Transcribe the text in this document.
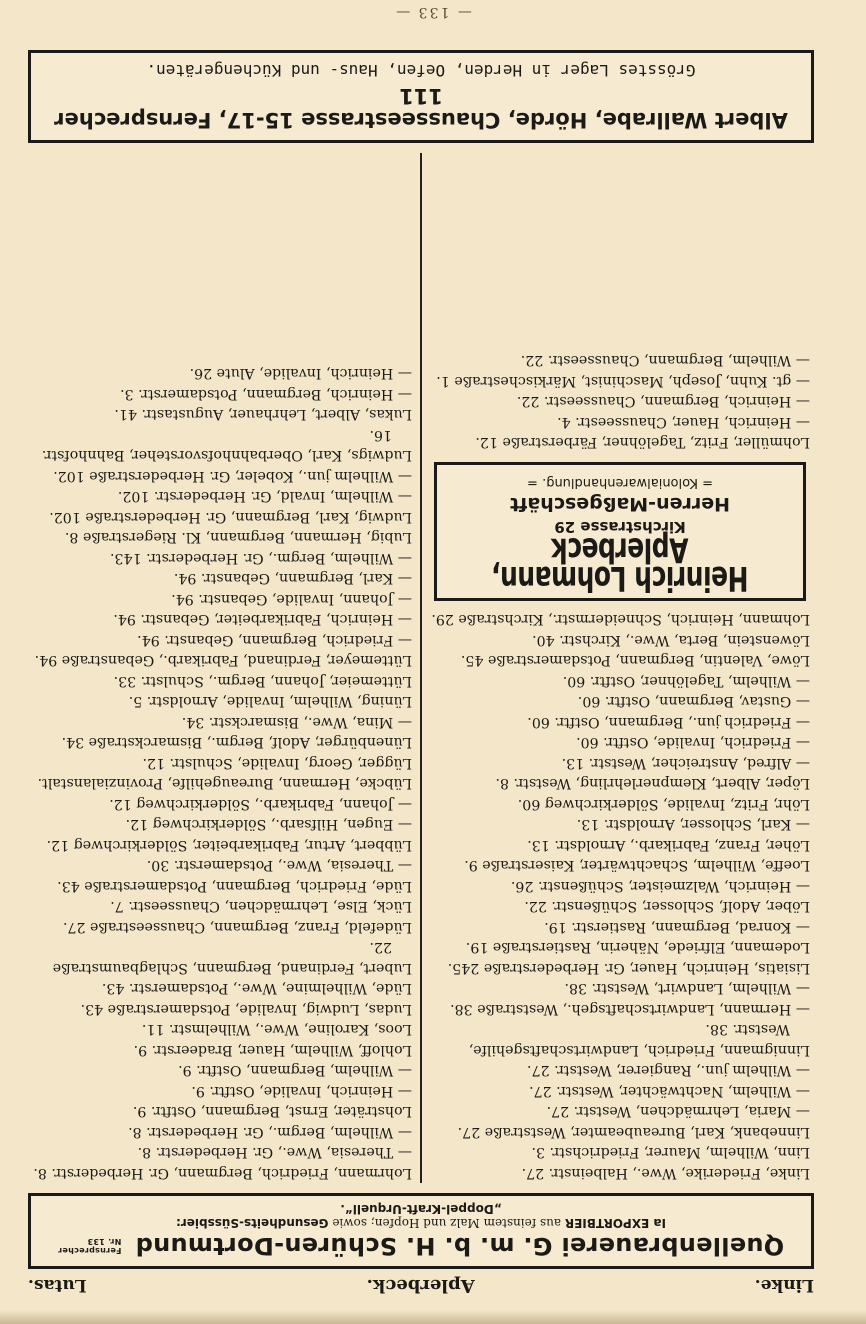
Linke.
Aplerbeck.
Lutas.
Quellenbrauerei G. m. b. H. Schüren-Dortmund
Fernsprecher
Nr. 133
Ia EXPORTBIER aus feinstem Malz und Hopfen; sowie Gesundheits-Süssbier:
„Doppel-Kraft-Urquell“.

Linke, Friederike, Wwe., Halbeinstr. 27.

Linn, Wilhelm, Maurer, Friedrichstr. 3.

Linnebank, Karl, Bureaubeamter, Weststraße 27.

— Maria, Lehrmädchen, Weststr. 27.

— Wilhelm, Nachtwächter, Weststr. 27.

— Wilhelm jun., Rangierer, Weststr. 27.

Linnigmann, Friedrich, Landwirtschaftsgehilfe, Weststr. 38.

— Hermann, Landwirtschaftsgeh., Weststraße 38.

— Wilhelm, Landwirt, Weststr. 38.

Lisiatis, Heinrich, Hauer, Gr. Herbederstraße 245.

Lodemann, Elfriede, Näherin, Rastierstraße 19.

— Konrad, Bergmann, Rastierstr. 19.

Löber, Adolf, Schlosser, Schüßenstr. 22.

— Heinrich, Walzmeister, Schüßenstr. 26.

Loeffe, Wilhelm, Schachtwärter, Kaiserstraße 9.

Löher, Franz, Fabrikarb., Arnoldstr. 13.

— Karl, Schlosser, Arnoldstr. 13.

Löhr, Fritz, Invalide, Sölderkirchweg 60.

Löper, Albert, Klempnerlehrling, Weststr. 8.

— Alfred, Anstreicher, Weststr. 13.

— Friedrich, Invalide, Ostftr. 60.

— Friedrich jun., Bergmann, Ostftr. 60.

— Gustav, Bergmann, Ostftr. 60.

— Wilhelm, Tagelöhner, Ostftr. 60.

Löwe, Valentin, Bergmann, Potsdamerstraße 45.

Löwenstein, Berta, Wwe., Kirchstr. 40.

Lohmann, Heinrich, Schneidermstr., Kirchstraße 29.

Heinrich Lohmann, Aplerbeck
Kirchstrasse 29
Herren-Maßgeschäft
= Kolonialwarenhandlung. =

Lohmüller, Fritz, Tagelöhner, Färberstraße 12.

— Heinrich, Hauer, Chausseestr. 4.

— Heinrich, Bergmann, Chausseestr. 22.

— gt. Kuhn, Joseph, Maschinist, Märkischestraße 1.

— Wilhelm, Bergmann, Chausseestr. 22.

Lohrmann, Friedrich, Bergmann, Gr. Herbederstr. 8.

— Theresia, Wwe., Gr. Herbederstr. 8.

— Wilhelm, Bergm., Gr. Herbederstr. 8.

Lohsträter, Ernst, Bergmann, Ostftr. 9.

— Heinrich, Invalide, Ostftr. 9.

— Wilhelm, Bergmann, Ostftr. 9.

Lohloff, Wilhelm, Hauer, Bradeerstr. 9.

Loos, Karoline, Wwe., Wilhelmstr. 11.

Ludas, Ludwig, Invalide, Potsdamerstraße 43.

Lüde, Wilhelmine, Wwe., Potsdamerstr. 43.

Lubert, Ferdinand, Bergmann, Schlagbaumstraße 22.

Lüdefeld, Franz, Bergmann, Chausseestraße 27.

Lück, Else, Lehrmädchen, Chausseestr. 7.

Lüde, Friedrich, Bergmann, Potsdamerstraße 43.

— Theresia, Wwe., Potsdamerstr. 30.

Lübbert, Artur, Fabrikarbeiter, Sölderkirchweg 12.

— Eugen, Hilfsarb., Sölderkirchweg 12.

— Johann, Fabrikarb., Sölderkirchweg 12.

Lübcke, Hermann, Bureaugehilfe, Provinzialanstalt.

Lügger, Georg, Invalide, Schulstr. 12.

Lünenbürger, Adolf, Bergm., Bismarckstraße 34.

— Mina, Wwe., Bismarckstr. 34.

Lüning, Wilhelm, Invalide, Arnoldstr. 5.

Lüttemeier, Johann, Bergm., Schulstr. 33.

Lüttemeyer, Ferdinand, Fabrikarb., Gebanstraße 94.

— Friedrich, Bergmann, Gebanstr. 94.

— Heinrich, Fabrikarbeiter, Gebanstr. 94.

— Johann, Invalide, Gebanstr. 94.

— Karl, Bergmann, Gebanstr. 94.

— Wilhelm, Bergm., Gr. Herbederstr. 143.

Lubig, Hermann, Bergmann, Kl. Riegerstraße 8.

Ludwig, Karl, Bergmann, Gr. Herbederstraße 102.

— Wilhelm, Invald, Gr. Herbederstr. 102.

— Wilhelm jun., Kobeler, Gr. Herbederstraße 102.

Ludwigs, Karl, Oberbahnhofsvorsteher, Bahnhofstr. 16.

Lukas, Albert, Lehrhauer, Augustastr. 41.

— Heinrich, Bergmann, Potsdamerstr. 3.

— Heinrich, Invalide, Alute 26.

Albert Wallrabe, Hörde, Chausseestrasse 15-17, Fernsprecher 111
Grösstes Lager in Herden, Oefen, Haus- und Küchengeräten.
— 133 —
